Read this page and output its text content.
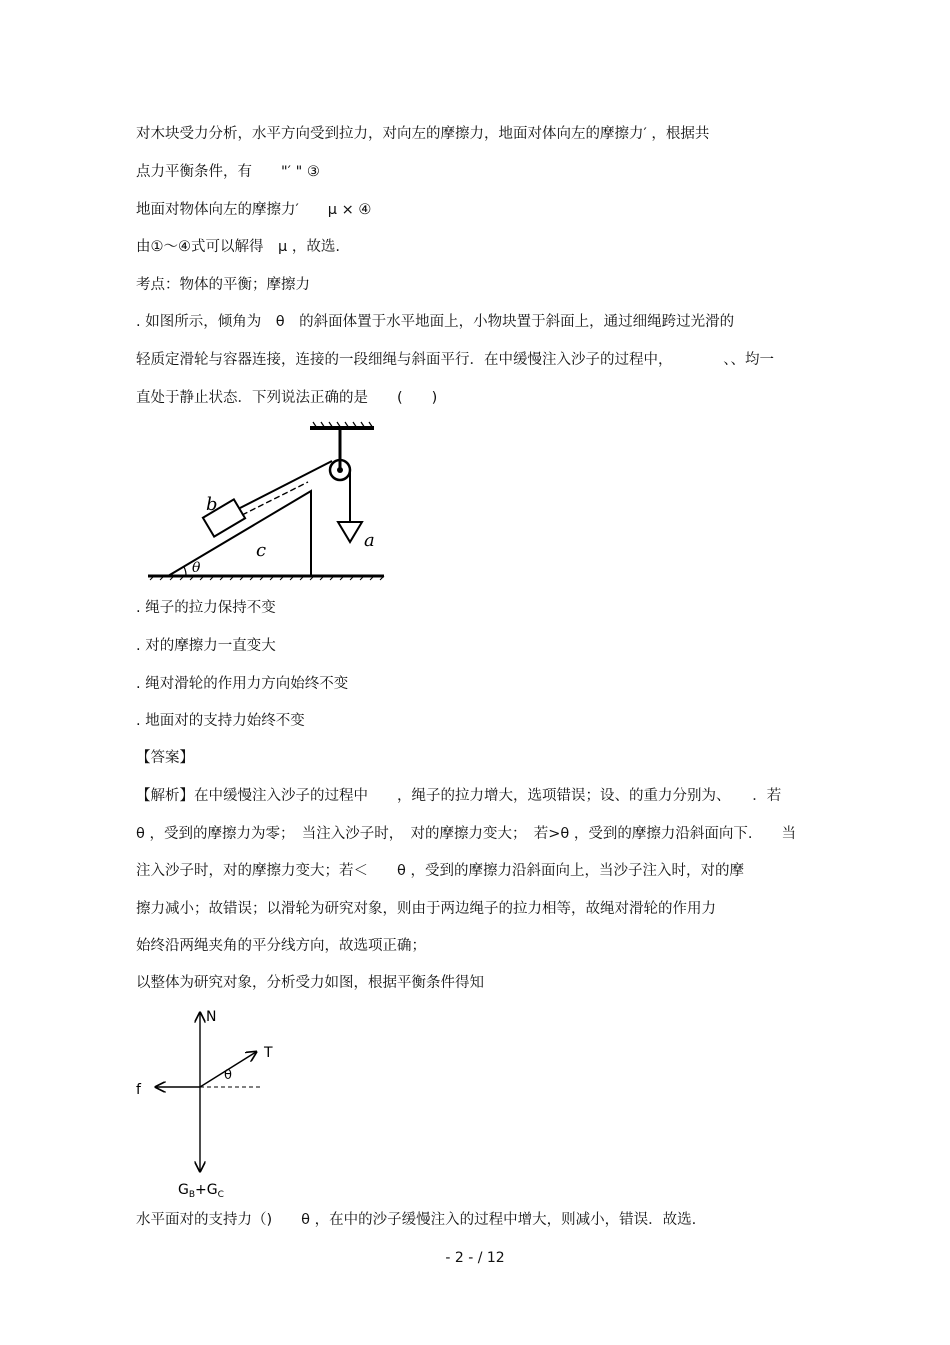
对木块受力分析，水平方向受到拉力，对向左的摩擦力，地面对体向左的摩擦力′ ，根据共
点力平衡条件，有　　"′ " ③
地面对物体向左的摩擦力′　　μ × ④
由①～④式可以解得　μ ，故选.
考点：物体的平衡；摩擦力
. 如图所示，倾角为　θ　的斜面体置于水平地面上，小物块置于斜面上，通过细绳跨过光滑的
轻质定滑轮与容器连接，连接的一段细绳与斜面平行．在中缓慢注入沙子的过程中，　　　　、、均一
直处于静止状态．下列说法正确的是　　(　　)
a
c
θ
b
. 绳子的拉力保持不变
. 对的摩擦力一直变大
. 绳对滑轮的作用力方向始终不变
. 地面对的支持力始终不变
【答案】
【解析】在中缓慢注入沙子的过程中　　，绳子的拉力增大，选项错误；设、的重力分别为、　　．若
θ ，受到的摩擦力为零；　当注入沙子时，　对的摩擦力变大；　若>θ ，受到的摩擦力沿斜面向下.　　当
注入沙子时，对的摩擦力变大；若＜　　θ ，受到的摩擦力沿斜面向上，当沙子注入时，对的摩
擦力减小；故错误；以滑轮为研究对象，则由于两边绳子的拉力相等，故绳对滑轮的作用力
始终沿两绳夹角的平分线方向，故选项正确；
以整体为研究对象，分析受力如图，根据平衡条件得知
N
f
T
θ
$G_B+G_C$
水平面对的支持力（)　　θ ，在中的沙子缓慢注入的过程中增大，则减小，错误．故选.
- 2 - / 12
